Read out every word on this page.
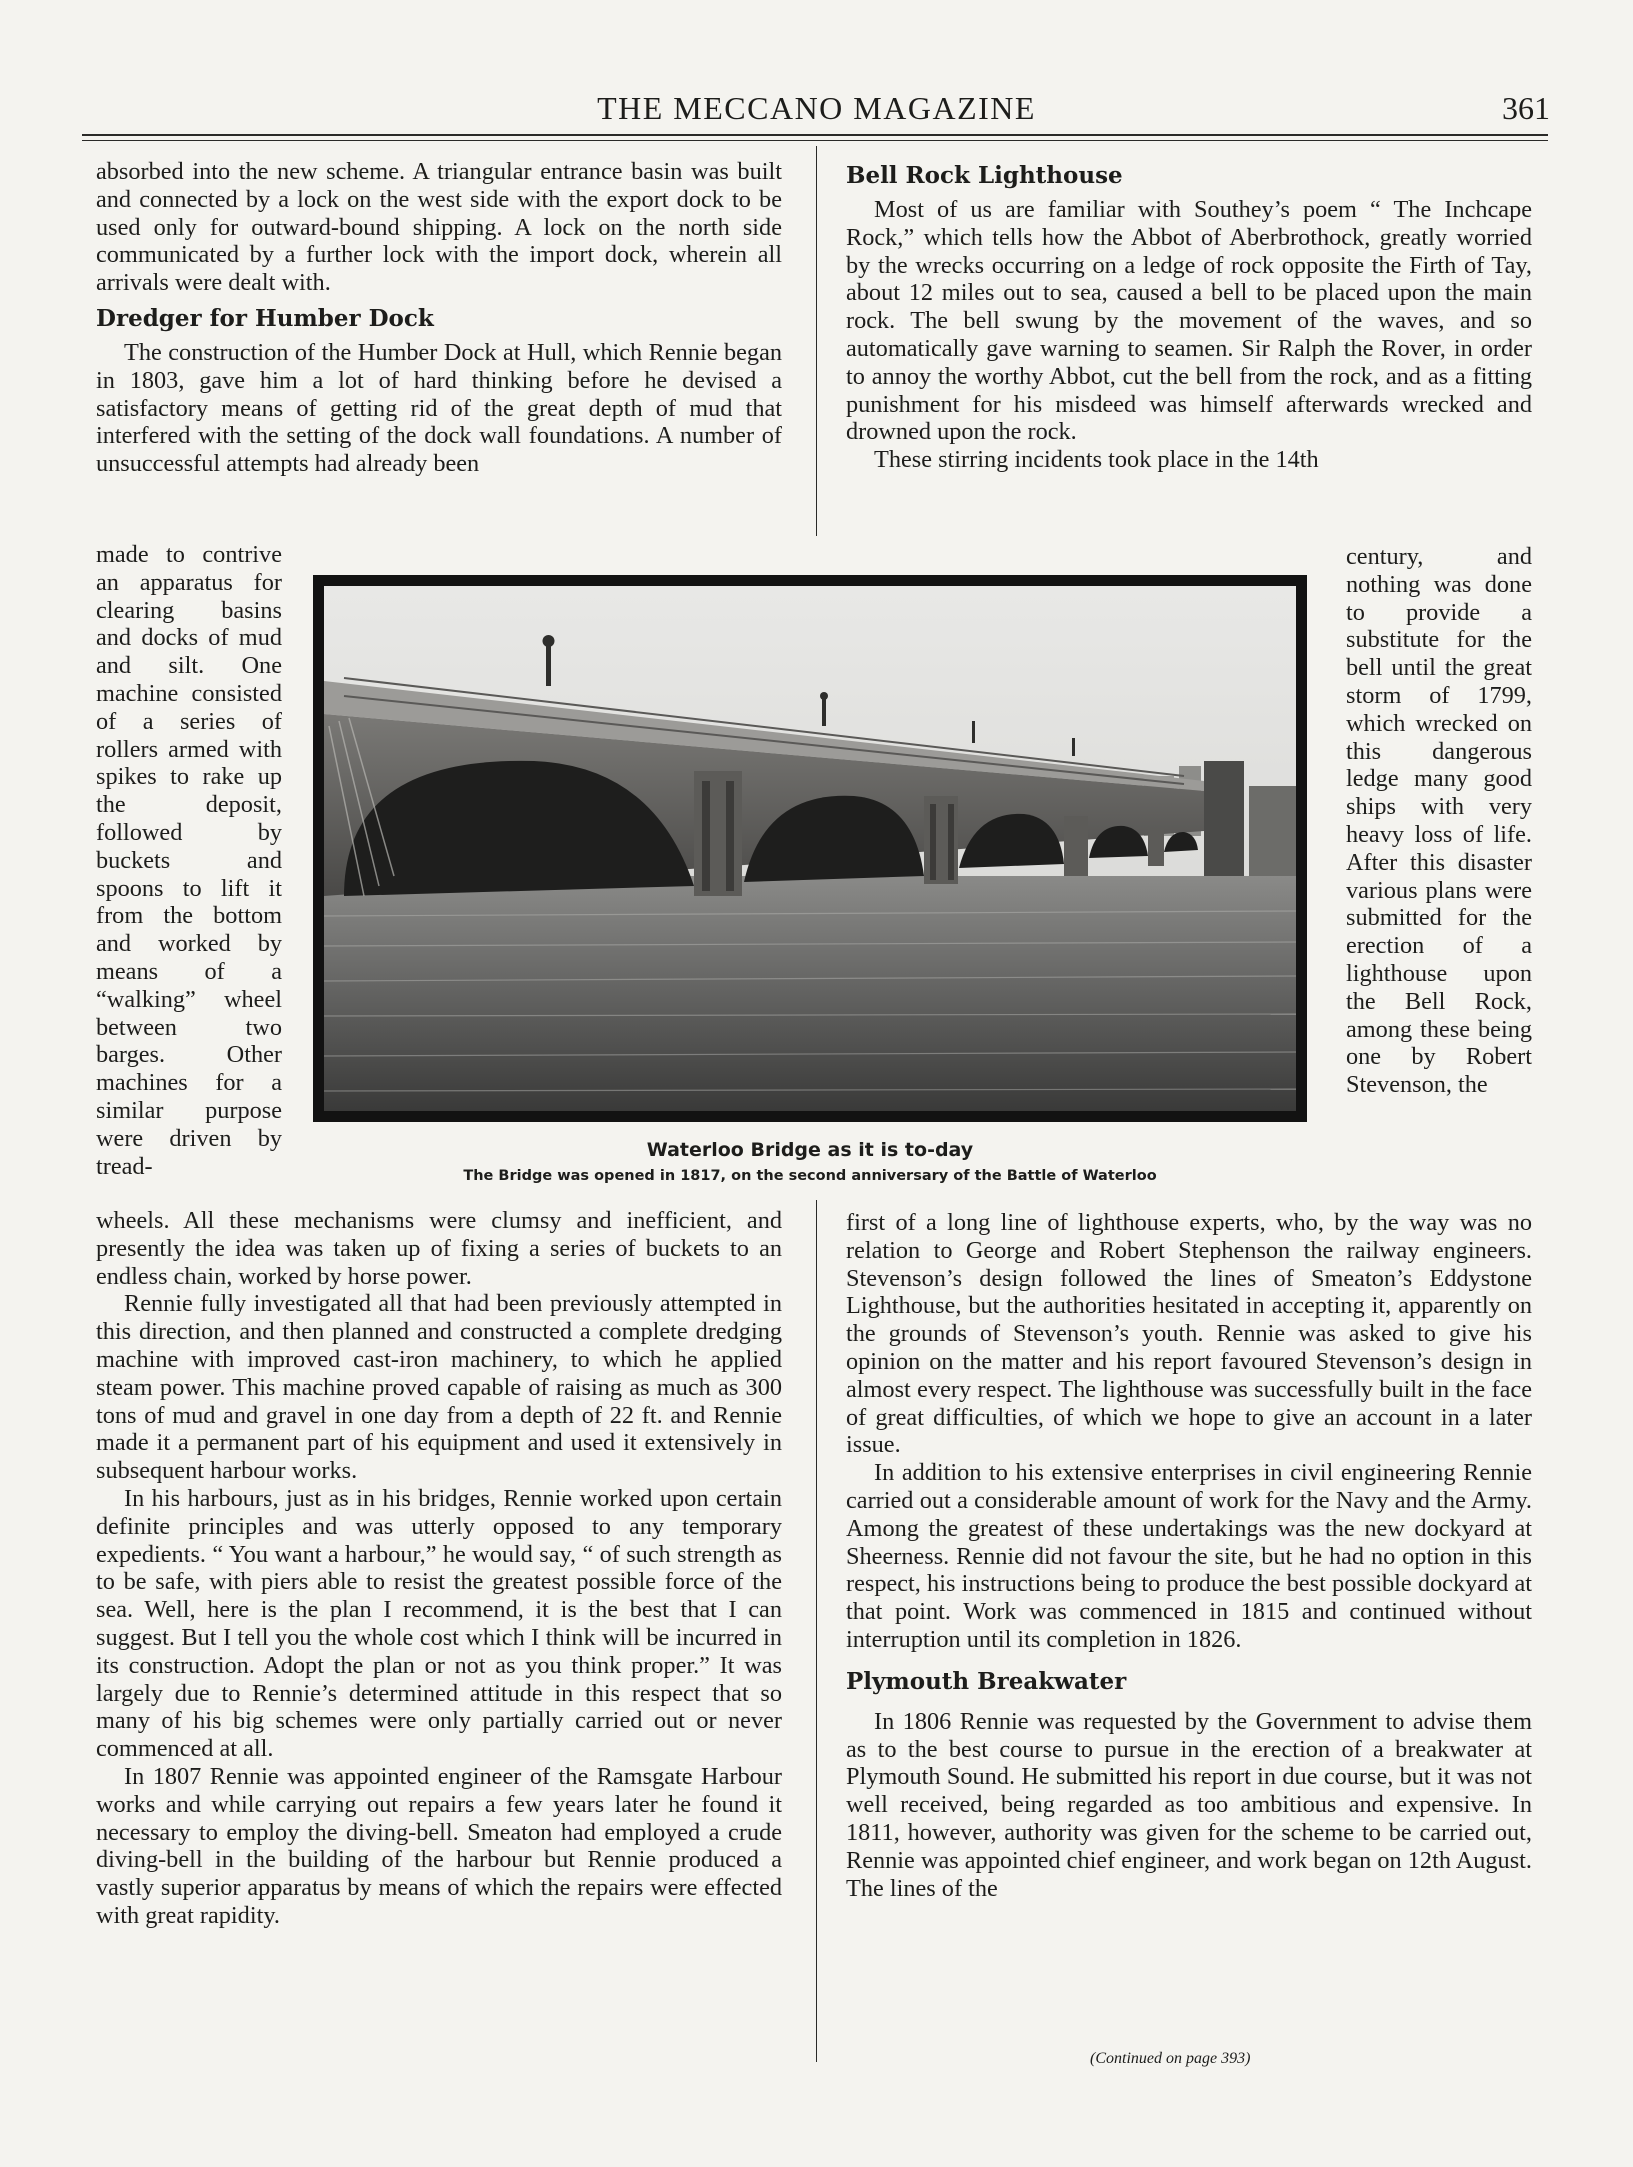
THE MECCANO MAGAZINE	361

absorbed into the new scheme. A triangular entrance basin was built and connected by a lock on the west side with the export dock to be used only for outward-bound shipping. A lock on the north side communicated by a further lock with the import dock, wherein all arrivals were dealt with.

Dredger for Humber Dock

The construction of the Humber Dock at Hull, which Rennie began in 1803, gave him a lot of hard thinking before he devised a satisfactory means of getting rid of the great depth of mud that interfered with the setting of the dock wall foundations. A number of unsuccessful attempts had already been

made to contrive an apparatus for clearing basins and docks of mud and silt. One machine consisted of a series of rollers armed with spikes to rake up the deposit, followed by buckets and spoons to lift it from the bottom and worked by means of a “walking” wheel between two barges. Other machines for a similar purpose were driven by tread-

wheels. All these mechanisms were clumsy and inefficient, and presently the idea was taken up of fixing a series of buckets to an endless chain, worked by horse power.

Rennie fully investigated all that had been previously attempted in this direction, and then planned and constructed a complete dredging machine with improved cast-iron machinery, to which he applied steam power. This machine proved capable of raising as much as 300 tons of mud and gravel in one day from a depth of 22 ft. and Rennie made it a permanent part of his equipment and used it extensively in subsequent harbour works.

In his harbours, just as in his bridges, Rennie worked upon certain definite principles and was utterly opposed to any temporary expedients. “ You want a harbour,” he would say, “ of such strength as to be safe, with piers able to resist the greatest possible force of the sea. Well, here is the plan I recommend, it is the best that I can suggest. But I tell you the whole cost which I think will be incurred in its construction. Adopt the plan or not as you think proper.” It was largely due to Rennie’s determined attitude in this respect that so many of his big schemes were only partially carried out or never commenced at all.

In 1807 Rennie was appointed engineer of the Ramsgate Harbour works and while carrying out repairs a few years later he found it necessary to employ the diving-bell. Smeaton had employed a crude diving-bell in the building of the harbour but Rennie produced a vastly superior apparatus by means of which the repairs were effected with great rapidity.

Bell Rock Lighthouse

Most of us are familiar with Southey’s poem “ The Inchcape Rock,” which tells how the Abbot of Aberbrothock, greatly worried by the wrecks occurring on a ledge of rock opposite the Firth of Tay, about 12 miles out to sea, caused a bell to be placed upon the main rock. The bell swung by the movement of the waves, and so automatically gave warning to seamen. Sir Ralph the Rover, in order to annoy the worthy Abbot, cut the bell from the rock, and as a fitting punishment for his misdeed was himself afterwards wrecked and drowned upon the rock.

These stirring incidents took place in the 14th

century, and nothing was done to provide a substitute for the bell until the great storm of 1799, which wrecked on this dangerous ledge many good ships with very heavy loss of life. After this disaster various plans were submitted for the erection of a lighthouse upon the Bell Rock, among these being one by Robert Stevenson, the

first of a long line of lighthouse experts, who, by the way was no relation to George and Robert Stephenson the railway engineers. Stevenson’s design followed the lines of Smeaton’s Eddystone Lighthouse, but the authorities hesitated in accepting it, apparently on the grounds of Stevenson’s youth. Rennie was asked to give his opinion on the matter and his report favoured Stevenson’s design in almost every respect. The lighthouse was successfully built in the face of great difficulties, of which we hope to give an account in a later issue.

In addition to his extensive enterprises in civil engineering Rennie carried out a considerable amount of work for the Navy and the Army. Among the greatest of these undertakings was the new dockyard at Sheerness. Rennie did not favour the site, but he had no option in this respect, his instructions being to produce the best possible dockyard at that point. Work was commenced in 1815 and continued without interruption until its completion in 1826.

Plymouth Breakwater

In 1806 Rennie was requested by the Government to advise them as to the best course to pursue in the erection of a breakwater at Plymouth Sound. He submitted his report in due course, but it was not well received, being regarded as too ambitious and expensive. In 1811, however, authority was given for the scheme to be carried out, Rennie was appointed chief engineer, and work began on 12th August. The lines of the

(Continued on page 393)
Waterloo Bridge as it is to-day
The Bridge was opened in 1817, on the second anniversary of the Battle of Waterloo
